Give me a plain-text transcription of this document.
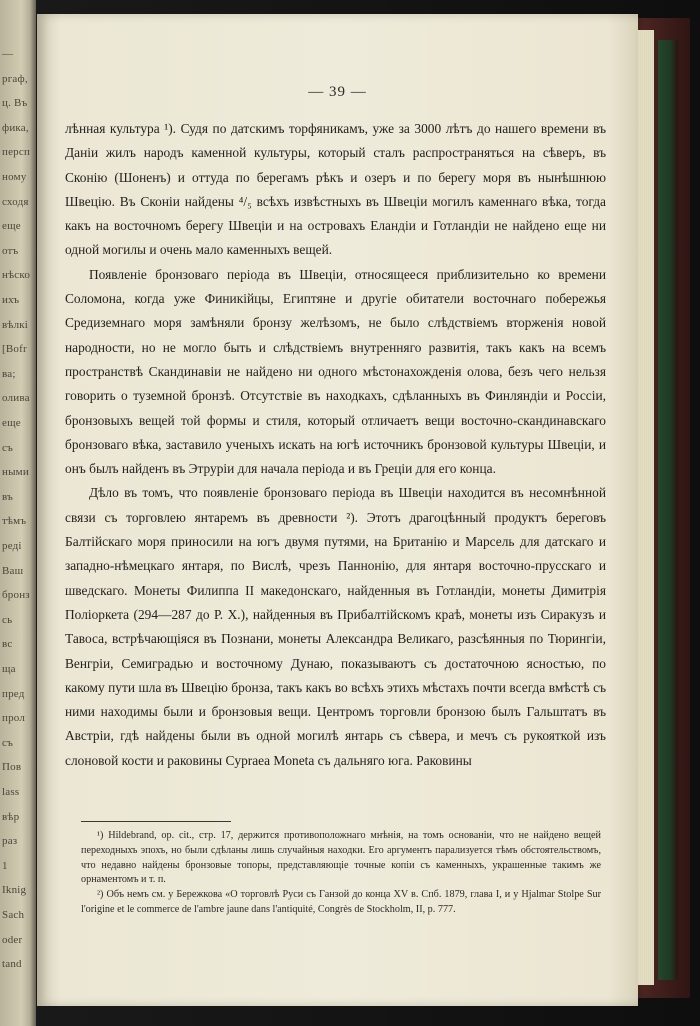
—
ргаф,
ц. Въ
фика,
персп
ному
сходя
еще
отъ
нѣско
ихъ
вѣлкі
[Воfr
ва;
олива
еще
съ
ными
въ
тѣмъ
реді
Ваш
бронз
сь
вс
ща
пред
прол
съ
Пов
lass
вѣр
раз
1
Iknig
Sach
oder
tand
— 39 —

лѣнная культура ¹). Судя по датскимъ торфяникамъ, уже за 3000 лѣтъ до нашего времени въ Даніи жилъ народъ каменной культуры, который сталъ распространяться на сѣверъ, въ Сконію (Шоненъ) и оттуда по берегамъ рѣкъ и озеръ и по берегу моря въ нынѣшнюю Швецію. Въ Сконіи найдены ⁴/₅ всѣхъ извѣстныхъ въ Швеціи могилъ каменнаго вѣка, тогда какъ на восточномъ берегу Швеціи и на островахъ Еландіи и Готландіи не найдено еще ни одной могилы и очень мало каменныхъ вещей.

Появленіе бронзоваго періода въ Швеціи, относящееся приблизительно ко времени Соломона, когда уже Финикійцы, Египтяне и другіе обитатели восточнаго побережья Средиземнаго моря замѣняли бронзу желѣзомъ, не было слѣдствіемъ вторженія новой народности, но не могло быть и слѣдствіемъ внутренняго развитія, такъ какъ на всемъ пространствѣ Скандинавіи не найдено ни одного мѣстонахожденія олова, безъ чего нельзя говорить о туземной бронзѣ. Отсутствіе въ находкахъ, сдѣланныхъ въ Финляндіи и Россіи, бронзовыхъ вещей той формы и стиля, который отличаетъ вещи восточно-скандинавскаго бронзоваго вѣка, заставило ученыхъ искать на югѣ источникъ бронзовой культуры Швеціи, и онъ былъ найденъ въ Этруріи для начала періода и въ Греціи для его конца.

Дѣло въ томъ, что появленіе бронзоваго періода въ Швеціи находится въ несомнѣнной связи съ торговлею янтаремъ въ древности ²). Этотъ драгоцѣнный продуктъ береговъ Балтійскаго моря приносили на югъ двумя путями, на Британію и Марсель для датскаго и западно-нѣмецкаго янтаря, по Вислѣ, чрезъ Паннонію, для янтаря восточно-прусскаго и шведскаго. Монеты Филиппа II македонскаго, найденныя въ Готландіи, монеты Димитрія Поліоркета (294—287 до Р. Х.), найденныя въ Прибалтійскомъ краѣ, монеты изъ Сиракузъ и Тавоса, встрѣчающіяся въ Познани, монеты Александра Великаго, разсѣянныя по Тюрингіи, Венгріи, Семиградью и восточному Дунаю, показываютъ съ достаточною ясностью, по какому пути шла въ Швецію бронза, такъ какъ во всѣхъ этихъ мѣстахъ почти всегда вмѣстѣ съ ними находимы были и бронзовыя вещи. Центромъ торговли бронзою былъ Гальштатъ въ Австріи, гдѣ найдены были въ одной могилѣ янтарь съ сѣвера, и мечъ съ рукояткой изъ слоновой кости и раковины Cypraea Moneta съ дальняго юга. Раковины

¹) Hildebrand, op. cit., стр. 17, держится противоположнаго мнѣнія, на томъ основаніи, что не найдено вещей переходныхъ эпохъ, но были сдѣланы лишь случайныя находки. Его аргументъ парализуется тѣмъ обстоятельствомъ, что недавно найдены бронзовые топоры, представляющіе точные копіи съ каменныхъ, украшенные такимъ же орнаментомъ и т. п.

²) Объ немъ см. у Бережкова «О торговлѣ Руси съ Ганзой до конца XV в. Спб. 1879, глава I, и у Hjalmar Stolpe Sur l'origine et le commerce de l'ambre jaune dans l'antiquité, Congrès de Stockholm, II, p. 777.
